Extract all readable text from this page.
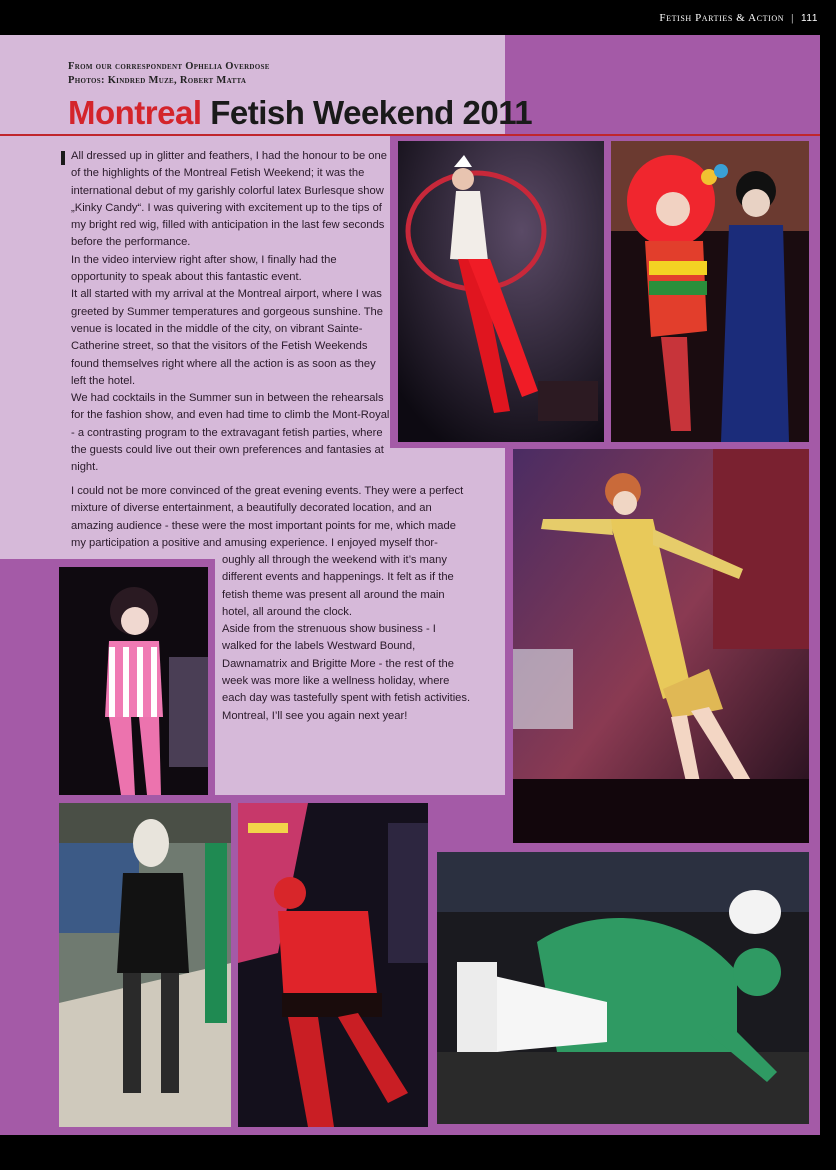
Fetish Parties & Action | 111
From our correspondent Ophelia Overdose
Photos: Kindred Muze, Robert Matta
Montreal Fetish Weekend 2011

All dressed up in glitter and feathers, I had the honour to be one of the highlights of the Montreal Fetish Weekend; it was the international debut of my garishly colorful latex Burlesque show „Kinky Candy“. I was quivering with excitement up to the tips of my bright red wig, filled with anticipation in the last few seconds before the performance.

In the video interview right after show, I finally had the opportunity to speak about this fantastic event.

It all started with my arrival at the Montreal airport, where I was greeted by Summer temperatures and gorgeous sunshine. The venue is located in the middle of the city, on vibrant Sainte-Catherine street, so that the visitors of the Fetish Weekends found themselves right where all the action is as soon as they left the hotel.

We had cocktails in the Summer sun in between the rehearsals for the fashion show, and even had time to climb the Mont-Royal - a contrasting program to the extravagant fetish parties, where the guests could live out their own preferences and fantasies at night.

I could not be more convinced of the great evening events. They were a perfect mixture of diverse entertainment, a beautifully decorated location, and an amazing audience - these were the most important points for me, which made my participation a positive and amusing experience. I enjoyed myself thor-

oughly all through the weekend with it’s many different events and happenings. It felt as if the fetish theme was present all around the main hotel, all around the clock.

Aside from the strenuous show business - I walked for the labels Westward Bound, Dawnamatrix and Brigitte More - the rest of the week was more like a wellness holiday, where each day was tastefully spent with fetish activities. Montreal, I’ll see you again next year!
